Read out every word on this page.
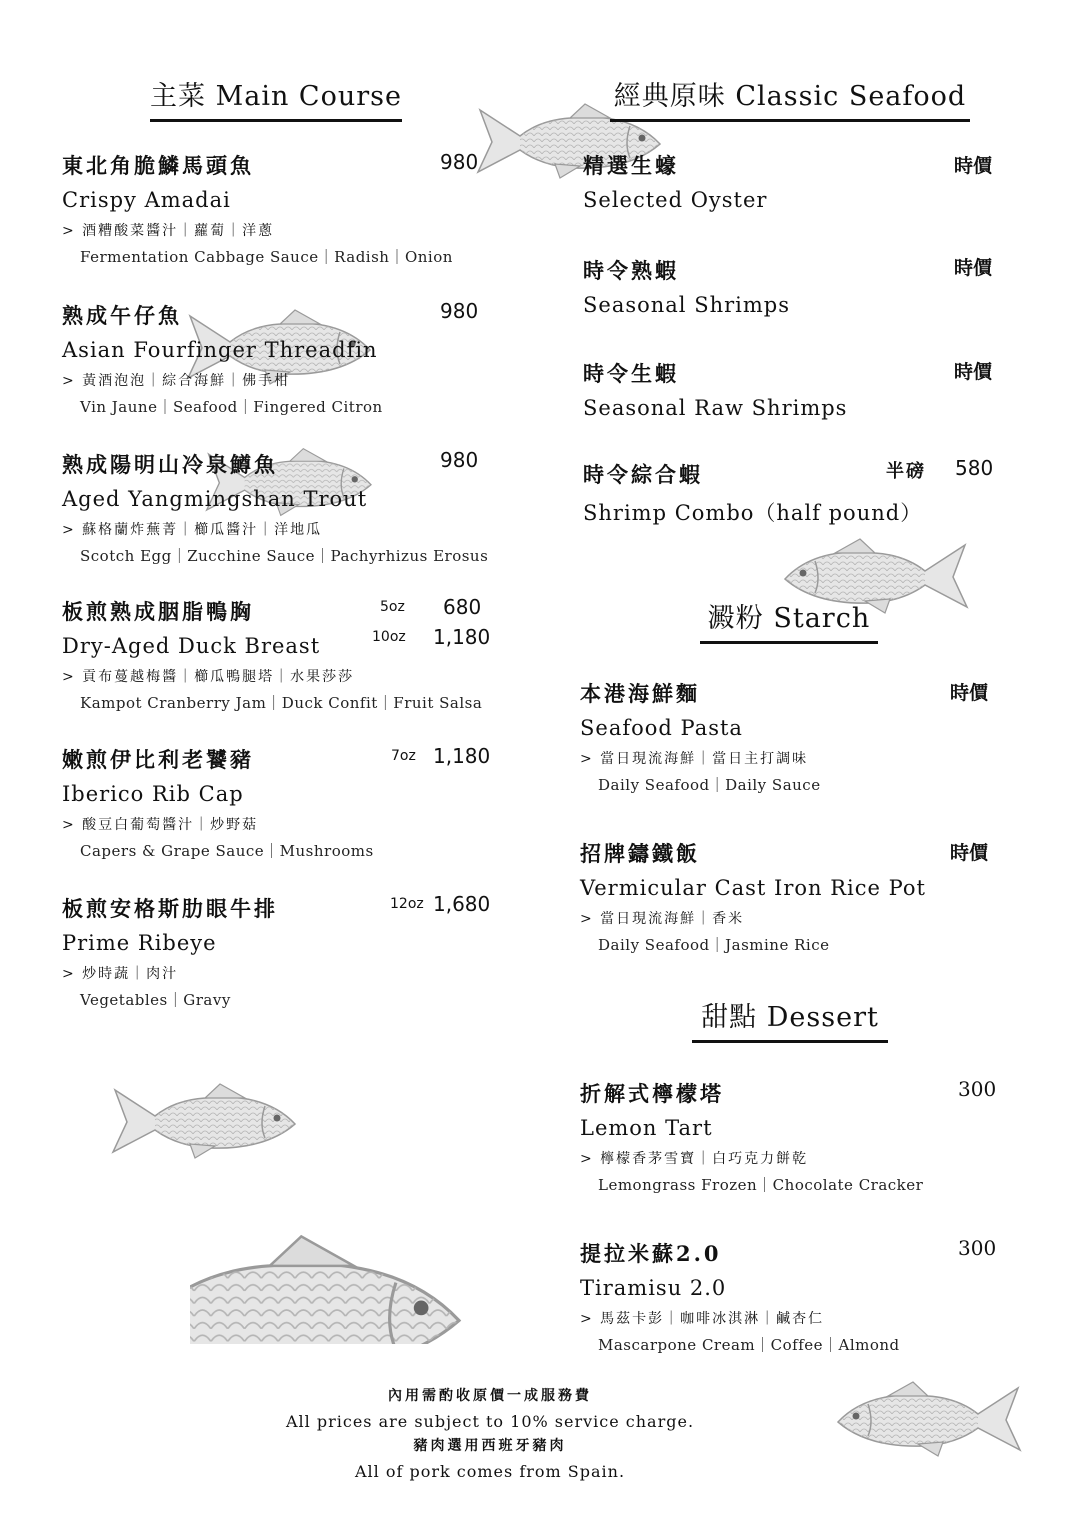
主菜 Main Course	經典原味 Classic Seafood
澱粉 Starch
甜點 Dessert
東北角脆鱗馬頭魚
Crispy Amadai
> 酒糟酸菜醬汁｜蘿蔔｜洋蔥
Fermentation Cabbage Sauce｜Radish｜Onion
980
熟成午仔魚
Asian Fourfinger Threadfin
> 黃酒泡泡｜綜合海鮮｜佛手柑
Vin Jaune｜Seafood｜Fingered Citron
980
熟成陽明山冷泉鱒魚
Aged Yangmingshan Trout
> 蘇格蘭炸蕪菁｜櫛瓜醬汁｜洋地瓜
Scotch Egg｜Zucchine Sauce｜Pachyrhizus Erosus
980
板煎熟成胭脂鴨胸
Dry-Aged Duck Breast
> 貢布蔓越梅醬｜櫛瓜鴨腿塔｜水果莎莎
Kampot Cranberry Jam｜Duck Confit｜Fruit Salsa
5oz 680
10oz 1,180
嫩煎伊比利老饕豬
Iberico Rib Cap
> 酸豆白葡萄醬汁｜炒野菇
Capers & Grape Sauce｜Mushrooms
7oz 1,180
板煎安格斯肋眼牛排
Prime Ribeye
> 炒時蔬｜肉汁
Vegetables｜Gravy
12oz 1,680
精選生蠔
Selected Oyster
時價
時令熟蝦
Seasonal Shrimps
時價
時令生蝦
Seasonal Raw Shrimps
時價
時令綜合蝦
Shrimp Combo（half pound）
半磅 580
本港海鮮麵
Seafood Pasta
> 當日現流海鮮｜當日主打調味
Daily Seafood｜Daily Sauce
時價
招牌鑄鐵飯
Vermicular Cast Iron Rice Pot
> 當日現流海鮮｜香米
Daily Seafood｜Jasmine Rice
時價
折解式檸檬塔
Lemon Tart
> 檸檬香茅雪寶｜白巧克力餅乾
Lemongrass Frozen｜Chocolate Cracker
300
提拉米蘇2.0
Tiramisu 2.0
> 馬茲卡彭｜咖啡冰淇淋｜鹹杏仁
Mascarpone Cream｜Coffee｜Almond
300
內用需酌收原價一成服務費
All prices are subject to 10% service charge.
豬肉選用西班牙豬肉
All of pork comes from Spain.
